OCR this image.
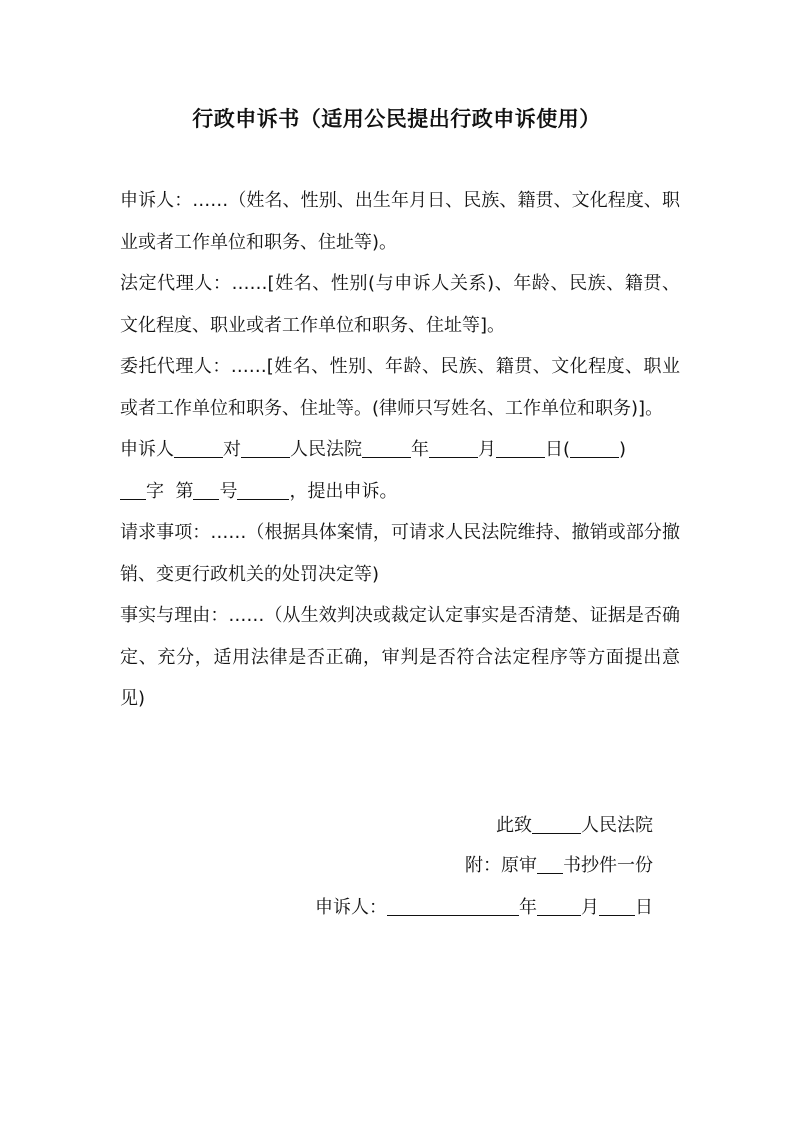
行政申诉书（适用公民提出行政申诉使用）

申诉人：……（姓名、性别、出生年月日、民族、籍贯、文化程度、职业或者工作单位和职务、住址等)。

法定代理人：……[姓名、性别(与申诉人关系)、年龄、民族、籍贯、文化程度、职业或者工作单位和职务、住址等]。

委托代理人：……[姓名、性别、年龄、民族、籍贯、文化程度、职业或者工作单位和职务、住址等。(律师只写姓名、工作单位和职务)]。

申诉人	对	人民法院	年	月	日(	)
字  第 号	，提出申诉。

请求事项：……（根据具体案情，可请求人民法院维持、撤销或部分撤销、变更行政机关的处罚决定等)

事实与理由：……（从生效判决或裁定认定事实是否清楚、证据是否确定、充分，适用法律是否正确，审判是否符合法定程序等方面提出意见)

此致	人民法院
附：原审 书抄件一份
申诉人：	年 月 日
